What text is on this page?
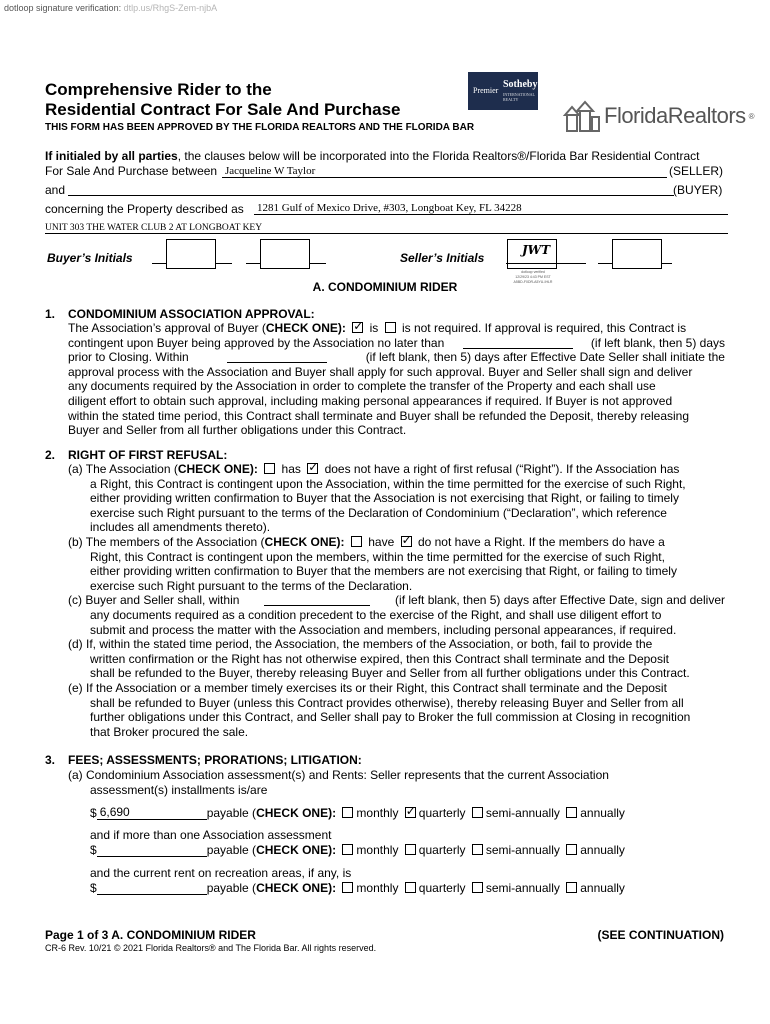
dotloop signature verification: dtlp.us/RhgS-Zem-njbA
Comprehensive Rider to the
Residential Contract For Sale And Purchase
THIS FORM HAS BEEN APPROVED BY THE FLORIDA REALTORS AND THE FLORIDA BAR
Premier
Sotheby's
INTERNATIONAL REALTY
FloridaRealtors ®
If initialed by all parties, the clauses below will be incorporated into the Florida Realtors®/Florida Bar Residential Contract
For Sale And Purchase between Jacqueline W Taylor	(SELLER)
and	(BUYER)
concerning the Property described as 1281 Gulf of Mexico Drive, #303, Longboat Key, FL 34228
UNIT 303 THE WATER CLUB 2 AT LONGBOAT KEY
Buyer’s Initials	Seller’s Initials
JWT
dotloop verified
12/29/23 4:43 PM EST
A5BD-F0DR-A5YU-IHLR
A. CONDOMINIUM RIDER
1. CONDOMINIUM ASSOCIATION APPROVAL:
The Association’s approval of Buyer (CHECK ONE): ✓ is is not required. If approval is required, this Contract is
contingent upon Buyer being approved by the Association no later than	(if left blank, then 5) days
prior to Closing. Within	(if left blank, then 5) days after Effective Date Seller shall initiate the
approval process with the Association and Buyer shall apply for such approval. Buyer and Seller shall sign and deliver
any documents required by the Association in order to complete the transfer of the Property and each shall use
diligent effort to obtain such approval, including making personal appearances if required. If Buyer is not approved
within the stated time period, this Contract shall terminate and Buyer shall be refunded the Deposit, thereby releasing
Buyer and Seller from all further obligations under this Contract.
2. RIGHT OF FIRST REFUSAL:
(a) The Association (CHECK ONE): has ✓ does not have a right of first refusal (“Right”). If the Association has
a Right, this Contract is contingent upon the Association, within the time permitted for the exercise of such Right,
either providing written confirmation to Buyer that the Association is not exercising that Right, or failing to timely
exercise such Right pursuant to the terms of the Declaration of Condominium (“Declaration”, which reference
includes all amendments thereto).
(b) The members of the Association (CHECK ONE): have ✓ do not have a Right. If the members do have a
Right, this Contract is contingent upon the members, within the time permitted for the exercise of such Right,
either providing written confirmation to Buyer that the members are not exercising that Right, or failing to timely
exercise such Right pursuant to the terms of the Declaration.
(c) Buyer and Seller shall, within	(if left blank, then 5) days after Effective Date, sign and deliver
any documents required as a condition precedent to the exercise of the Right, and shall use diligent effort to
submit and process the matter with the Association and members, including personal appearances, if required.
(d) If, within the stated time period, the Association, the members of the Association, or both, fail to provide the
written confirmation or the Right has not otherwise expired, then this Contract shall terminate and the Deposit
shall be refunded to the Buyer, thereby releasing Buyer and Seller from all further obligations under this Contract.
(e) If the Association or a member timely exercises its or their Right, this Contract shall terminate and the Deposit
shall be refunded to Buyer (unless this Contract provides otherwise), thereby releasing Buyer and Seller from all
further obligations under this Contract, and Seller shall pay to Broker the full commission at Closing in recognition
that Broker procured the sale.
3. FEES; ASSESSMENTS; PRORATIONS; LITIGATION:
(a) Condominium Association assessment(s) and Rents: Seller represents that the current Association
assessment(s) installments is/are
$ 6,690	payable (CHECK ONE): monthly ✓ quarterly semi-annually annually
and if more than one Association assessment
$	payable (CHECK ONE): monthly quarterly semi-annually annually
and the current rent on recreation areas, if any, is
$	payable (CHECK ONE): monthly quarterly semi-annually annually
Page 1 of 3 A. CONDOMINIUM RIDER	(SEE CONTINUATION)
CR-6 Rev. 10/21 © 2021 Florida Realtors® and The Florida Bar. All rights reserved.
